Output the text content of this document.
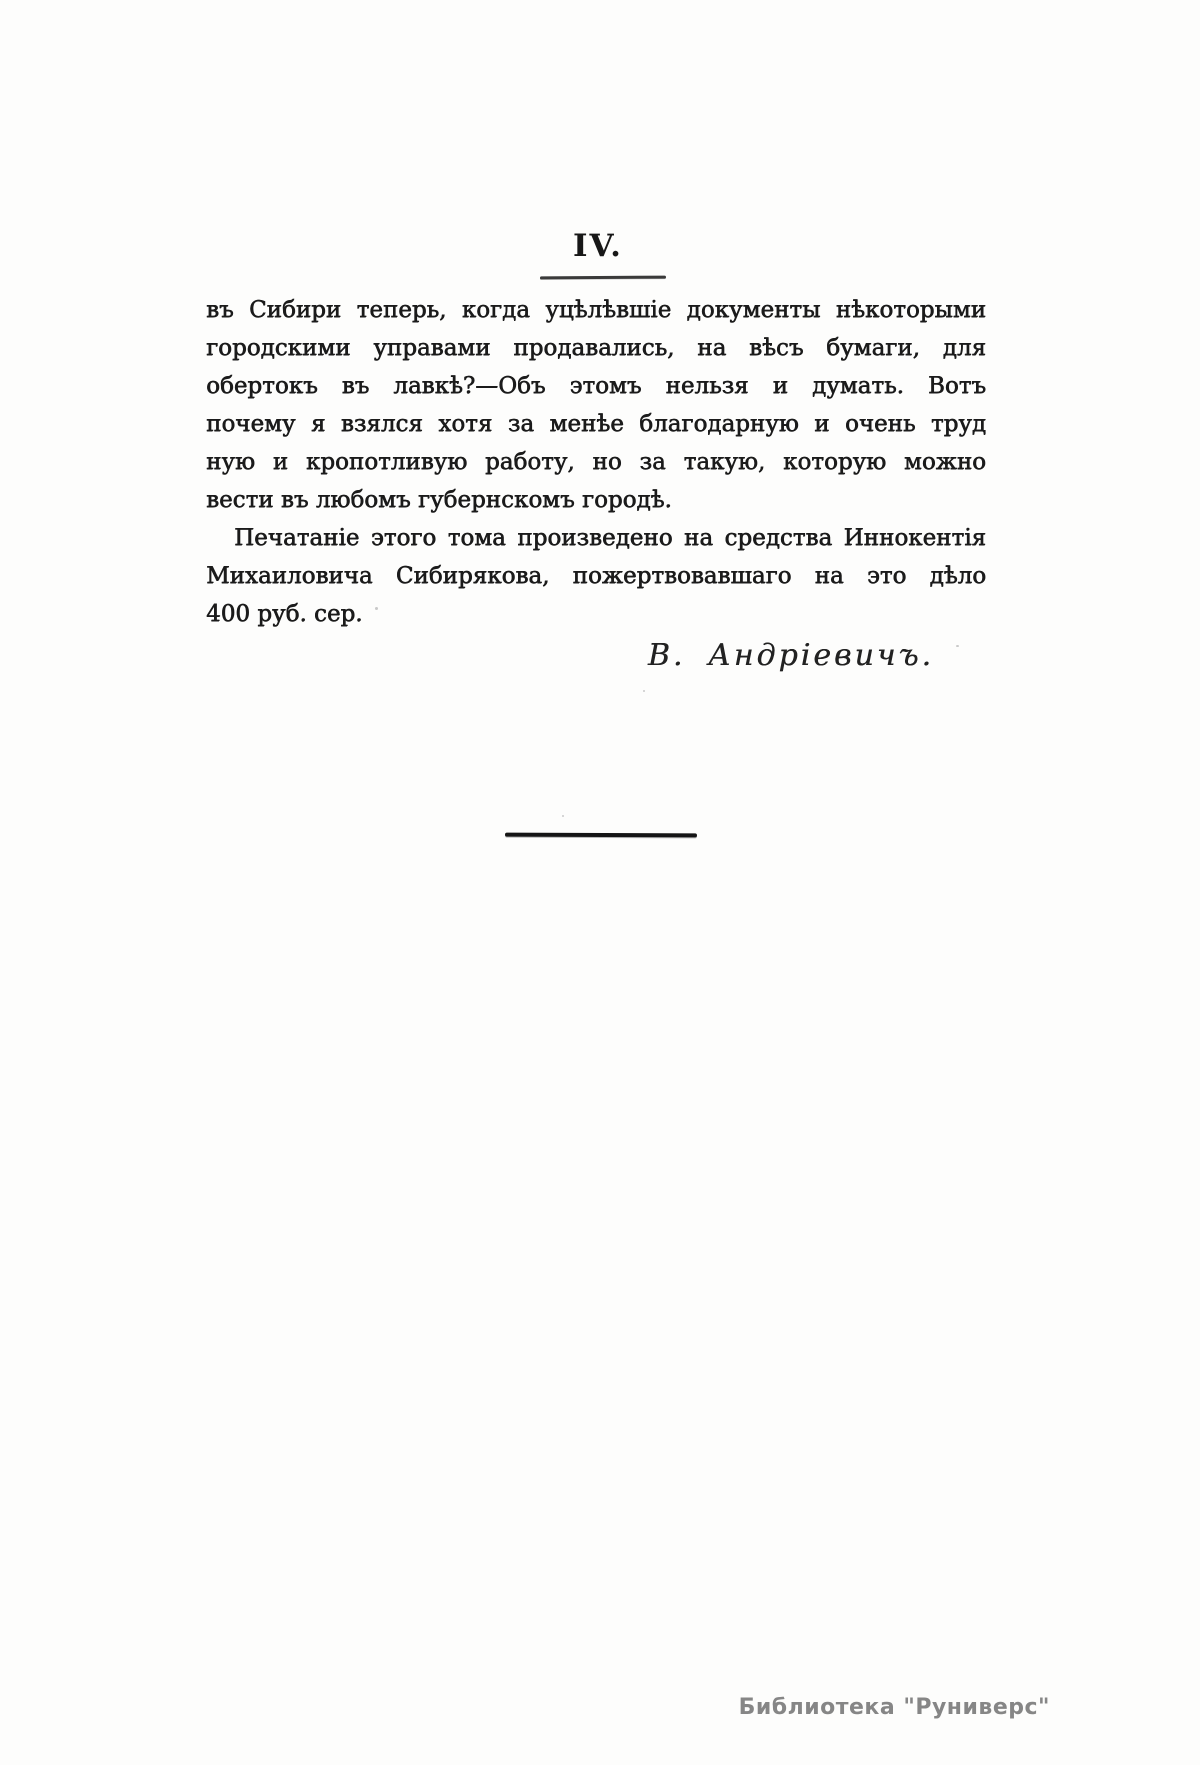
IV.
въ Сибири теперь, когда уцѣлѣвшіе документы нѣкоторыми
городскими управами продавались, на вѣсъ бумаги, для
обертокъ въ лавкѣ?—Объ этомъ нельзя и думать. Вотъ
почему я взялся хотя за менѣе благодарную и очень труд
ную и кропотливую работу, но за такую, которую можно
вести въ любомъ губернскомъ городѣ.
Печатаніе этого тома произведено на средства Иннокентія
Михаиловича Сибирякова, пожертвовавшаго на это дѣло
400 руб. сер.
В. Андріевичъ.
Библиотека "Руниверс"
